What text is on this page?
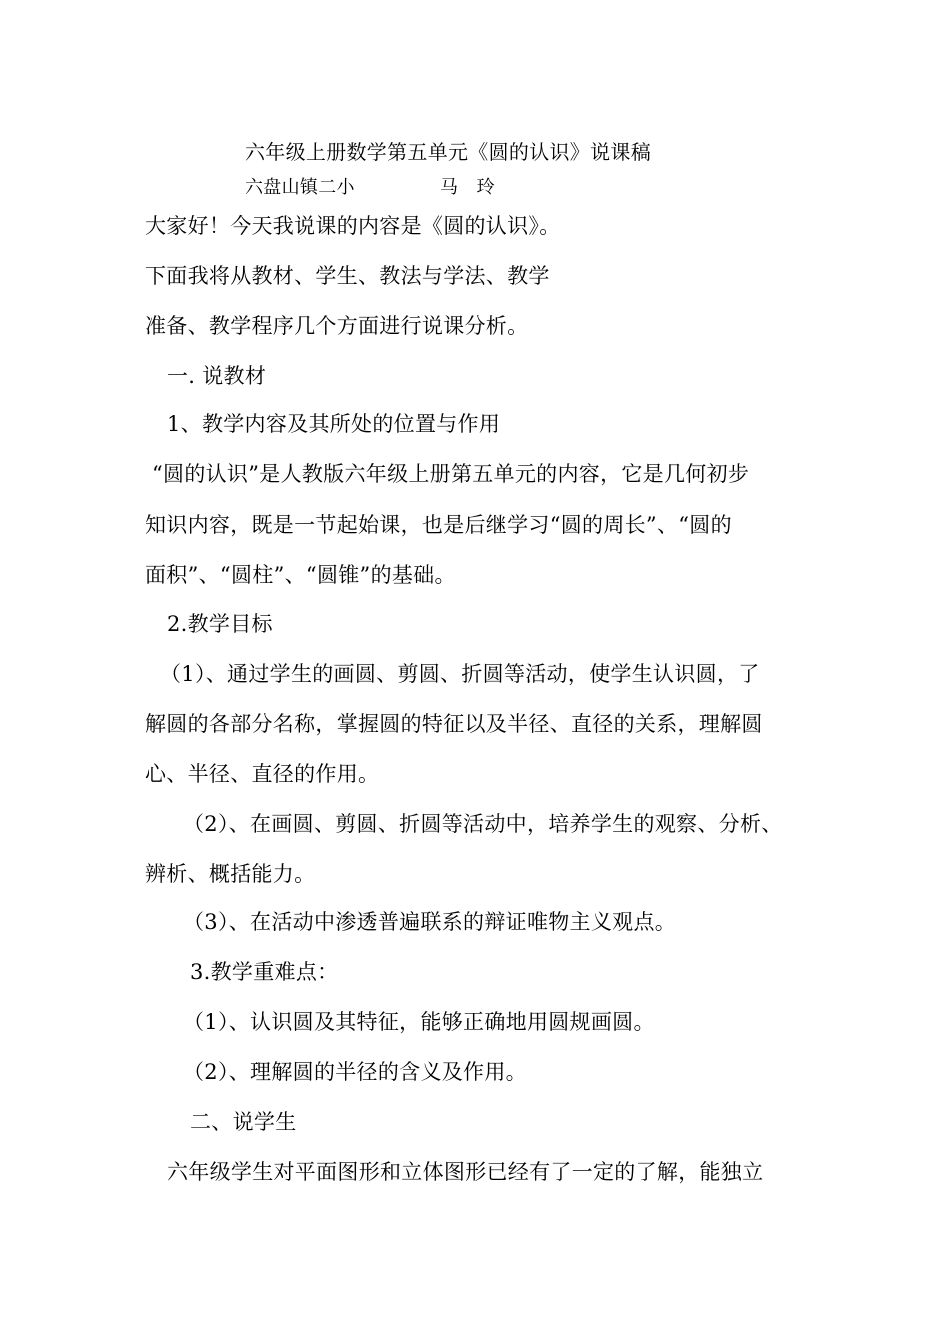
六年级上册数学第五单元《圆的认识》说课稿
六盘山镇二小	马　玲
大家好！今天我说课的内容是《圆的认识》。
下面我将从教材、学生、教法与学法、教学
准备、教学程序几个方面进行说课分析。
一. 说教材
1、教学内容及其所处的位置与作用
“圆的认识”是人教版六年级上册第五单元的内容，它是几何初步
知识内容，既是一节起始课，也是后继学习“圆的周长”、“圆的
面积”、“圆柱”、“圆锥”的基础。
2.教学目标
（1）、通过学生的画圆、剪圆、折圆等活动，使学生认识圆，了
解圆的各部分名称，掌握圆的特征以及半径、直径的关系，理解圆
心、半径、直径的作用。
（2）、在画圆、剪圆、折圆等活动中，培养学生的观察、分析、
辨析、概括能力。
（3）、在活动中渗透普遍联系的辩证唯物主义观点。
3.教学重难点：
（1）、认识圆及其特征，能够正确地用圆规画圆。
（2）、理解圆的半径的含义及作用。
二、说学生
六年级学生对平面图形和立体图形已经有了一定的了解，能独立
